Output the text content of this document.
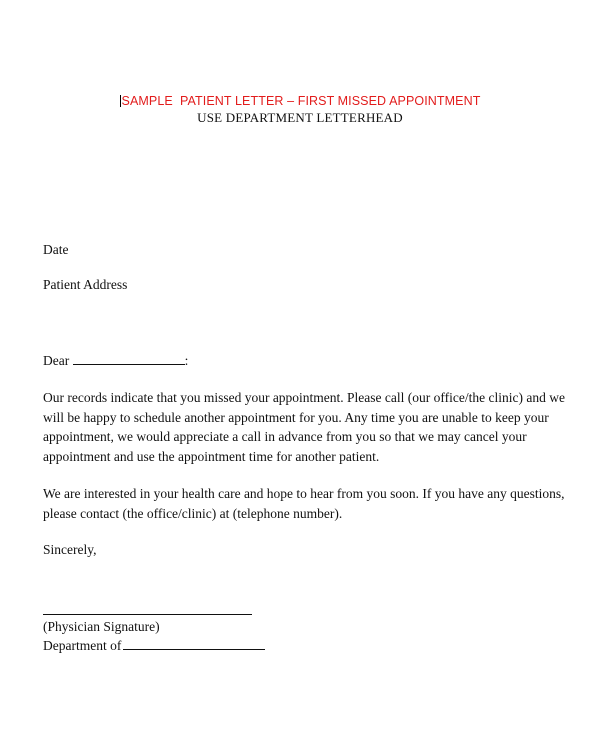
SAMPLE  PATIENT LETTER – FIRST MISSED APPOINTMENT
USE DEPARTMENT LETTERHEAD
Date
Patient Address
Dear	:
Our records indicate that you missed your appointment. Please call (our office/the clinic) and we
will be happy to schedule another appointment for you. Any time you are unable to keep your
appointment, we would appreciate a call in advance from you so that we may cancel your
appointment and use the appointment time for another patient.
We are interested in your health care and hope to hear from you soon. If you have any questions,
please contact (the office/clinic) at (telephone number).
Sincerely,
(Physician Signature)
Department of
